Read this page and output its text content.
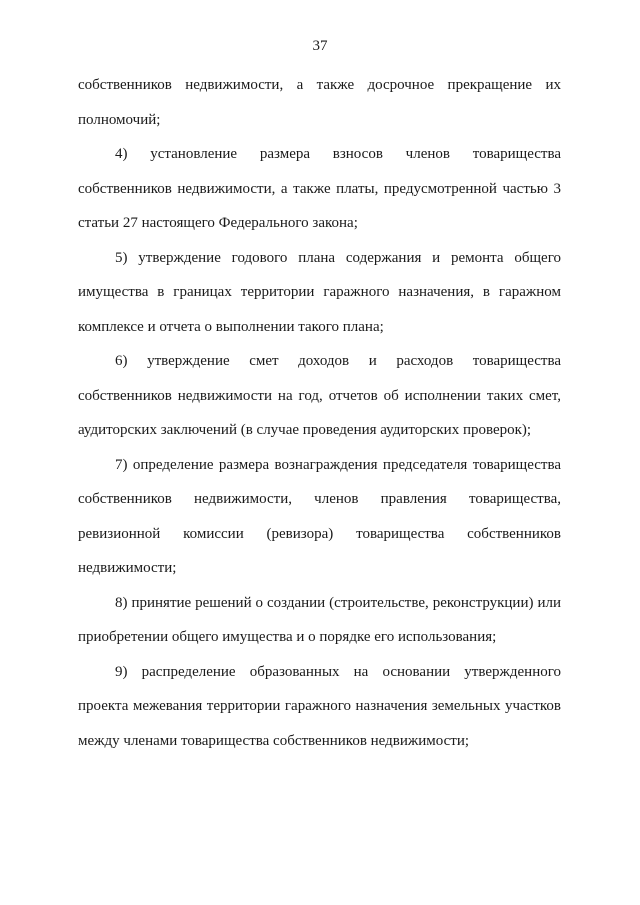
37

собственников недвижимости, а также досрочное прекращение их полномочий;

4) установление размера взносов членов товарищества собственников недвижимости, а также платы, предусмотренной частью 3 статьи 27 настоящего Федерального закона;

5) утверждение годового плана содержания и ремонта общего имущества в границах территории гаражного назначения, в гаражном комплексе и отчета о выполнении такого плана;

6) утверждение смет доходов и расходов товарищества собственников недвижимости на год, отчетов об исполнении таких смет, аудиторских заключений (в случае проведения аудиторских проверок);

7) определение размера вознаграждения председателя товарищества собственников недвижимости, членов правления товарищества, ревизионной комиссии (ревизора) товарищества собственников недвижимости;

8) принятие решений о создании (строительстве, реконструкции) или приобретении общего имущества и о порядке его использования;

9) распределение образованных на основании утвержденного проекта межевания территории гаражного назначения земельных участков между членами товарищества собственников недвижимости;
